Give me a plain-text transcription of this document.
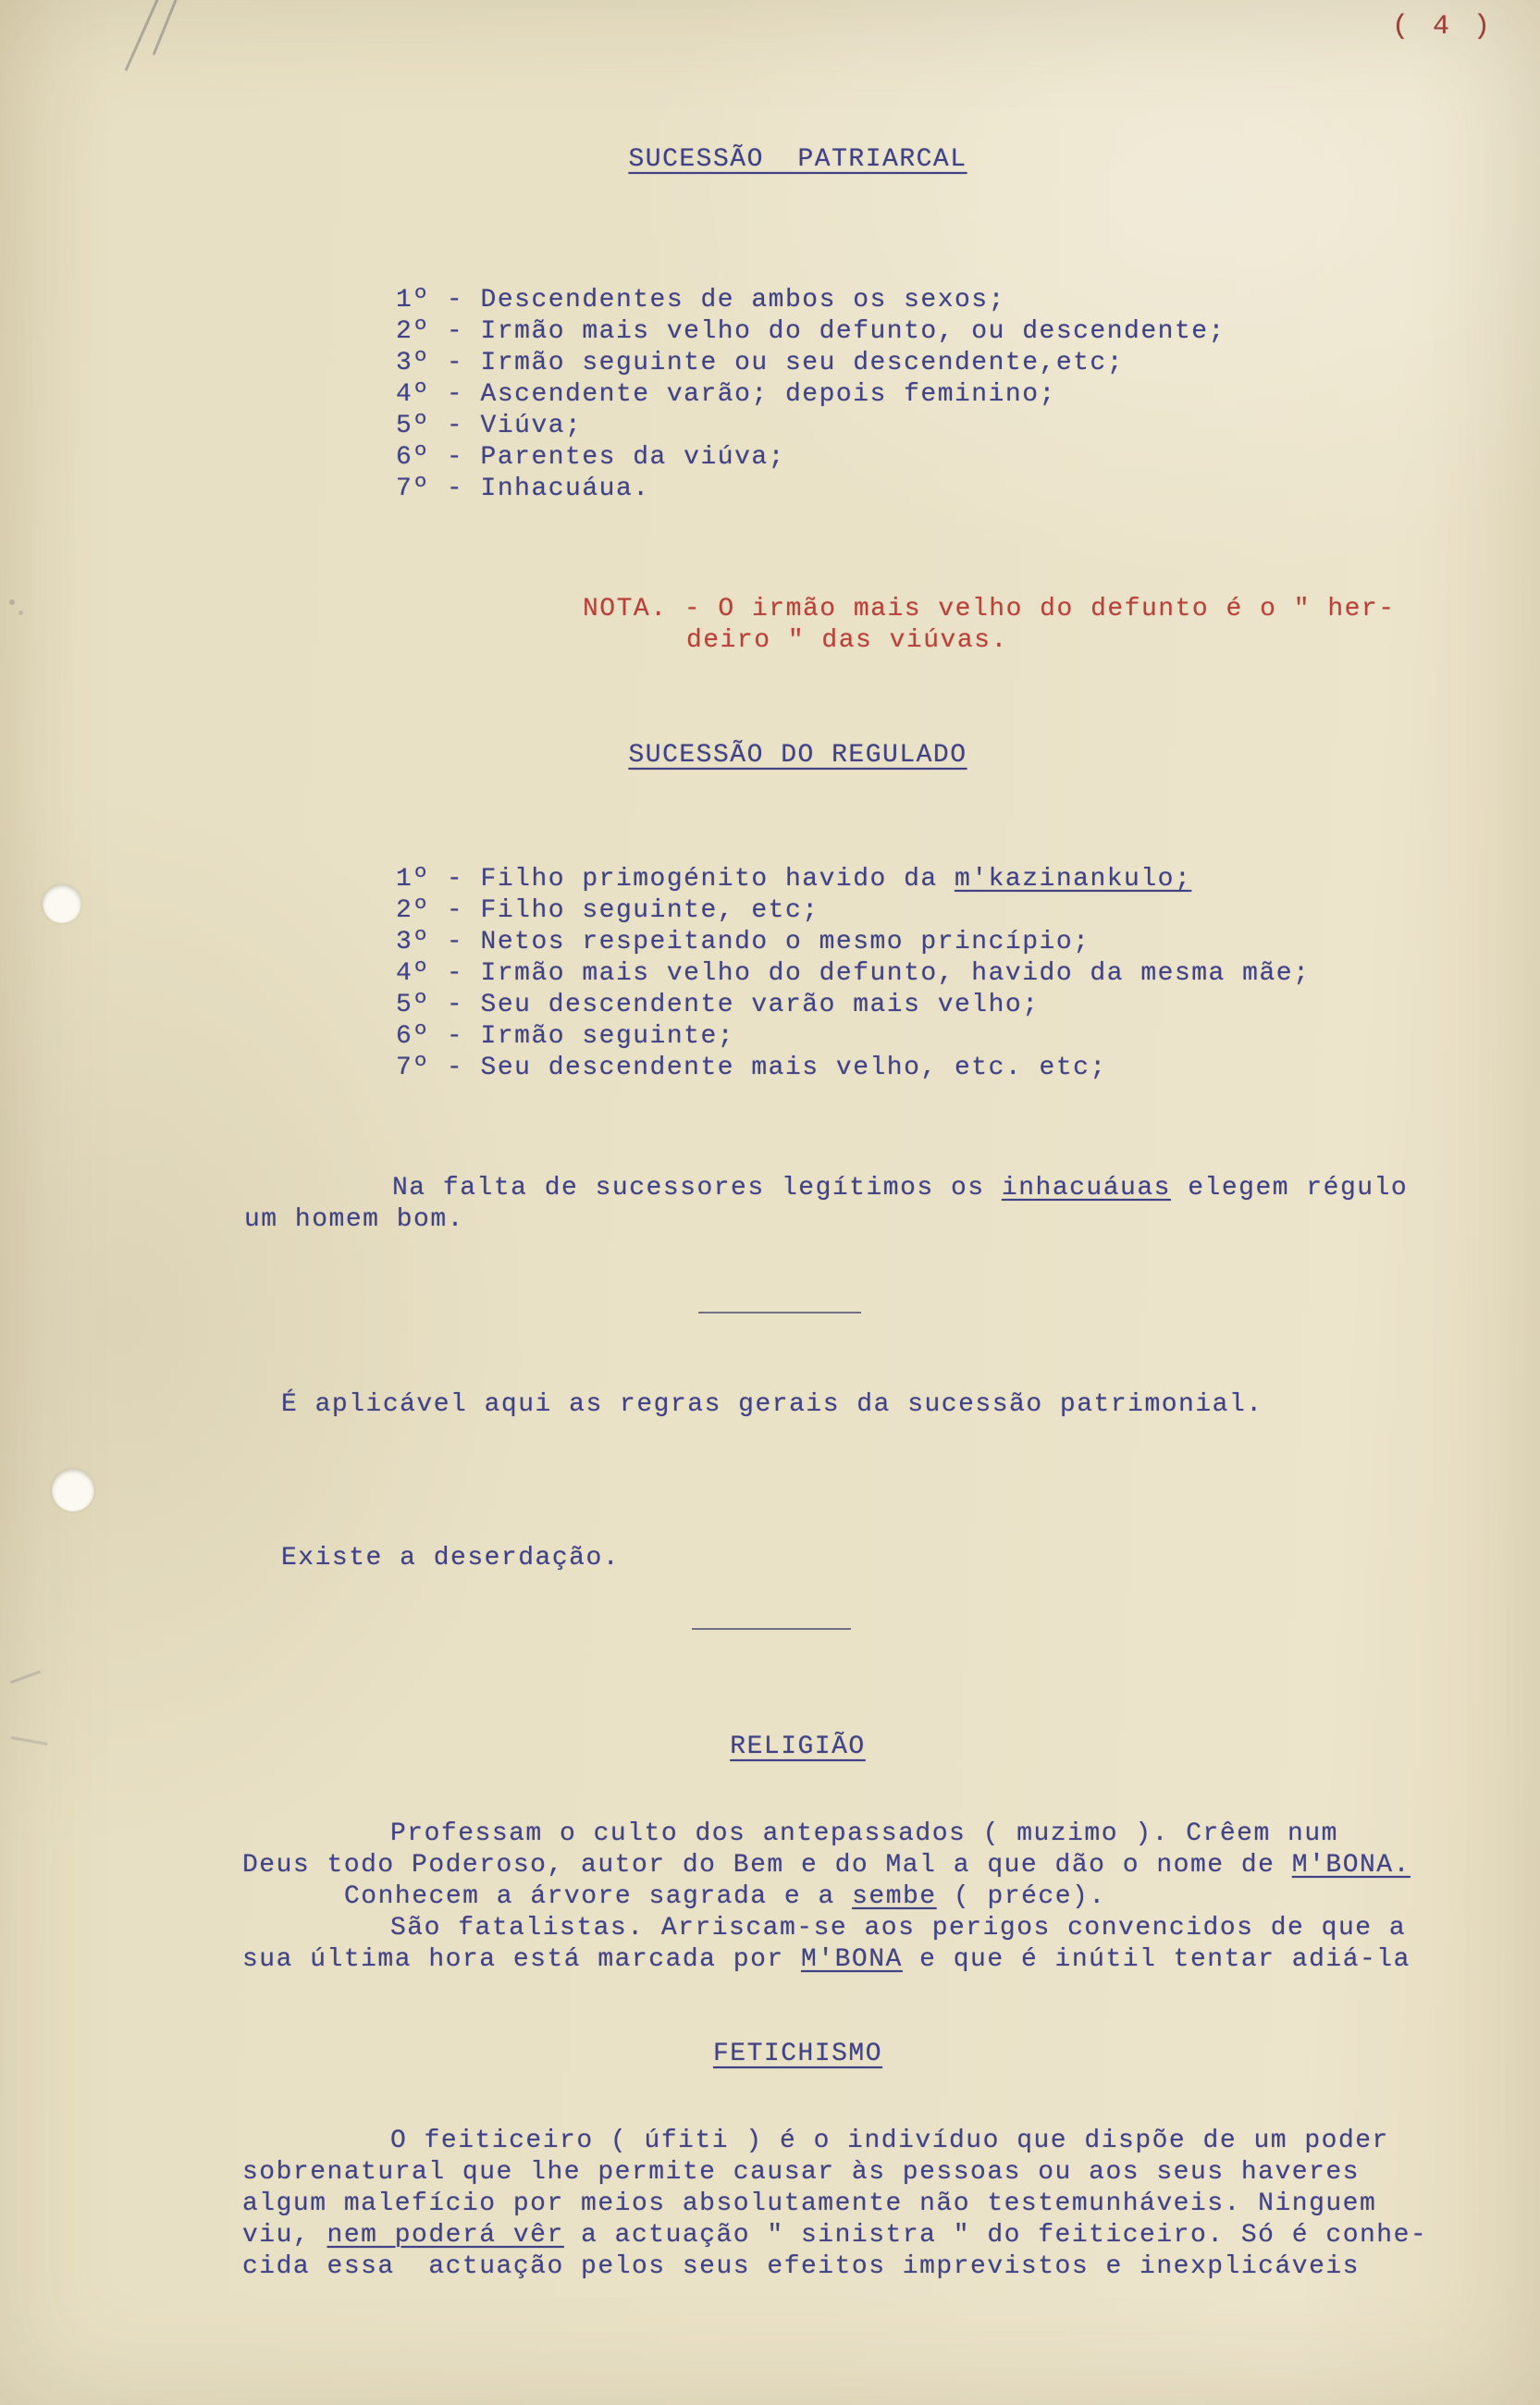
( 4 )
SUCESSÃO  PATRIARCAL
1º - Descendentes de ambos os sexos;
2º - Irmão mais velho do defunto, ou descendente;
3º - Irmão seguinte ou seu descendente,etc;
4º - Ascendente varão; depois feminino;
5º - Viúva;
6º - Parentes da viúva;
7º - Inhacuáua.
NOTA. - O irmão mais velho do defunto é o " her-
deiro " das viúvas.
SUCESSÃO DO REGULADO
1º - Filho primogénito havido da m'kazinankulo;
2º - Filho seguinte, etc;
3º - Netos respeitando o mesmo princípio;
4º - Irmão mais velho do defunto, havido da mesma mãe;
5º - Seu descendente varão mais velho;
6º - Irmão seguinte;
7º - Seu descendente mais velho, etc. etc;
Na falta de sucessores legítimos os inhacuáuas elegem régulo
um homem bom.
É aplicável aqui as regras gerais da sucessão patrimonial.
Existe a deserdação.
RELIGIÃO
Professam o culto dos antepassados ( muzimo ). Crêem num
Deus todo Poderoso, autor do Bem e do Mal a que dão o nome de M'BONA.
Conhecem a árvore sagrada e a sembe ( préce).
São fatalistas. Arriscam-se aos perigos convencidos de que a
sua última hora está marcada por M'BONA e que é inútil tentar adiá-la
FETICHISMO
O feiticeiro ( úfiti ) é o indivíduo que dispõe de um poder
sobrenatural que lhe permite causar às pessoas ou aos seus haveres
algum malefício por meios absolutamente não testemunháveis. Ninguem
viu, nem poderá vêr a actuação " sinistra " do feiticeiro. Só é conhe-
cida essa  actuação pelos seus efeitos imprevistos e inexplicáveis
